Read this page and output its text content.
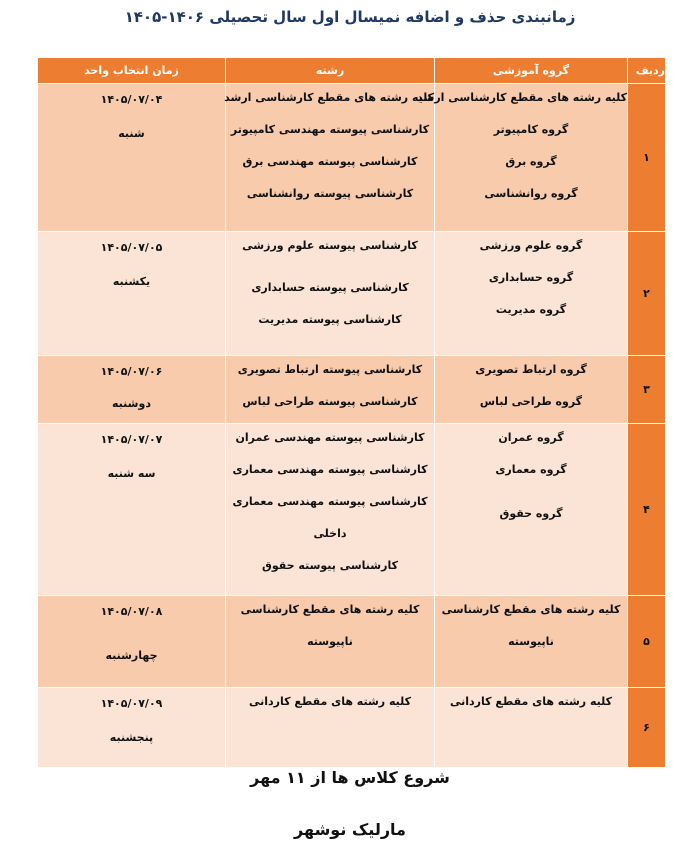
زمانبندی حذف و اضافه نمیسال اول سال تحصیلی ۱۴۰۶-۱۴۰۵
ردیف	گروه آموزشی	رشته	زمان انتخاب واحد
۱	کلیه رشته های مقطع کارشناسی ارشد
گروه کامپیوتر
گروه برق
گروه روانشناسی	کلیه رشته های مقطع کارشناسی ارشد
کارشناسی پیوسته مهندسی کامپیوتر
کارشناسی پیوسته مهندسی برق
کارشناسی پیوسته روانشناسی	۱۴۰۵/۰۷/۰۴
شنبه

۲	گروه علوم ورزشی
گروه حسابداری
گروه مدیریت	کارشناسی پیوسته علوم ورزشی
کارشناسی پیوسته حسابداری
کارشناسی پیوسته مدیریت	۱۴۰۵/۰۷/۰۵
یکشنبه

۳	گروه ارتباط تصویری
گروه طراحی لباس	کارشناسی پیوسته ارتباط تصویری
کارشناسی پیوسته طراحی لباس	۱۴۰۵/۰۷/۰۶
دوشنبه

۴	گروه عمران
گروه معماری
گروه حقوق	کارشناسی پیوسته مهندسی عمران
کارشناسی پیوسته مهندسی معماری
کارشناسی پیوسته مهندسی معماری
داخلی
کارشناسی پیوسته حقوق	۱۴۰۵/۰۷/۰۷
سه شنبه

۵	کلیه رشته های مقطع کارشناسی
ناپیوسته	کلیه رشته های مقطع کارشناسی
ناپیوسته	۱۴۰۵/۰۷/۰۸
چهارشنبه

۶	کلیه رشته های مقطع کاردانی	کلیه رشته های مقطع کاردانی	۱۴۰۵/۰۷/۰۹
پنجشنبه
شروع کلاس ها از ۱۱ مهر
مارلیک نوشهر
